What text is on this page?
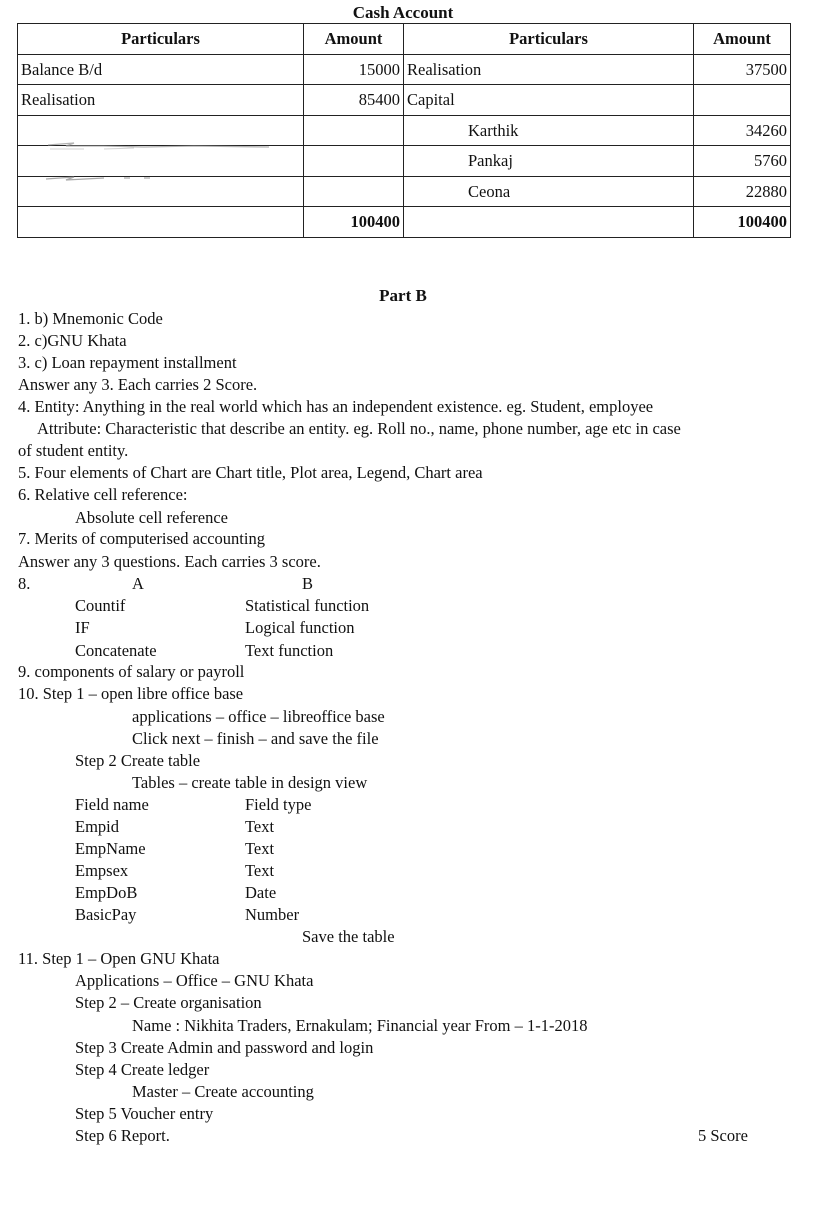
Cash Account
Particulars	Amount	Particulars	Amount
Balance B/d	15000	Realisation	37500
Realisation	85400	Capital	
		Karthik	34260
		Pankaj	5760
		Ceona	22880
	100400		100400
Part B
1. b) Mnemonic Code
2. c)GNU Khata
3. c) Loan repayment installment
Answer any 3. Each carries 2 Score.
4. Entity: Anything in the real world which has an independent existence. eg. Student, employee
Attribute: Characteristic that describe an entity. eg. Roll no., name, phone number, age etc in case
of student entity.
5. Four elements of Chart are Chart title, Plot area, Legend, Chart area
6. Relative cell reference:
Absolute cell reference
7. Merits of computerised accounting
Answer any 3 questions. Each carries 3 score.
8.	A	B
Countif	Statistical function
IF	Logical function
Concatenate	Text function
9. components of salary or payroll
10. Step 1 – open libre office base
applications – office – libreoffice base
Click next – finish – and save the file
Step 2 Create table
Tables – create table in design view
Field name	Field type
Empid	Text
EmpName	Text
Empsex	Text
EmpDoB	Date
BasicPay	Number
Save the table
11. Step 1 – Open GNU Khata
Applications – Office – GNU Khata
Step 2 – Create organisation
Name : Nikhita Traders, Ernakulam; Financial year From – 1-1-2018
Step 3 Create Admin and password and login
Step 4 Create ledger
Master – Create accounting
Step 5 Voucher entry
Step 6 Report.	5 Score
